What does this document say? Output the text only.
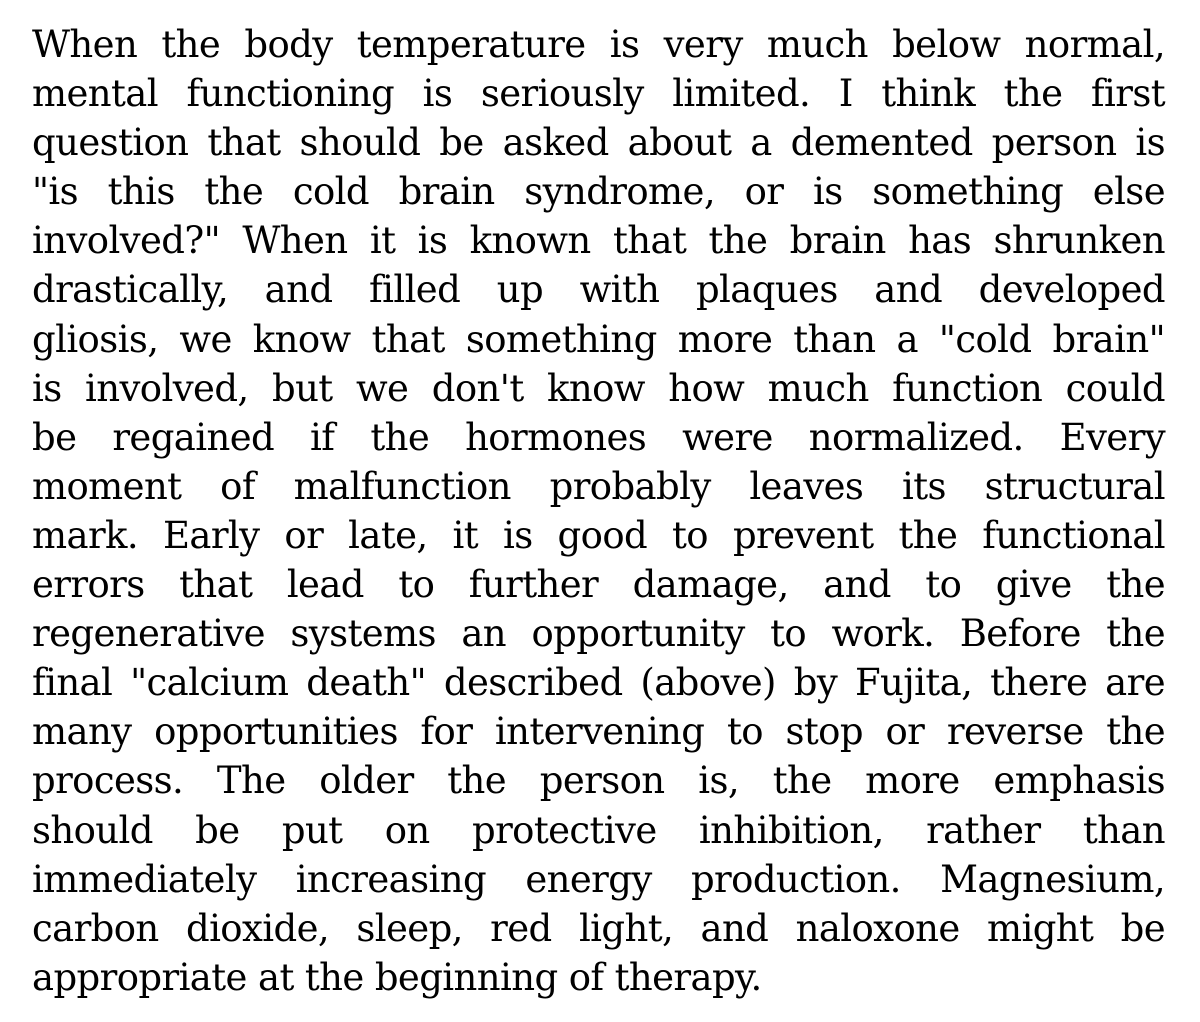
When the body temperature is very much below normal,
mental functioning is seriously limited. I think the first
question that should be asked about a demented person is
"is this the cold brain syndrome, or is something else
involved?" When it is known that the brain has shrunken
drastically, and filled up with plaques and developed
gliosis, we know that something more than a "cold brain"
is involved, but we don't know how much function could
be regained if the hormones were normalized. Every
moment of malfunction probably leaves its structural
mark. Early or late, it is good to prevent the functional
errors that lead to further damage, and to give the
regenerative systems an opportunity to work. Before the
final "calcium death" described (above) by Fujita, there are
many opportunities for intervening to stop or reverse the
process. The older the person is, the more emphasis
should be put on protective inhibition, rather than
immediately increasing energy production. Magnesium,
carbon dioxide, sleep, red light, and naloxone might be
appropriate at the beginning of therapy.
